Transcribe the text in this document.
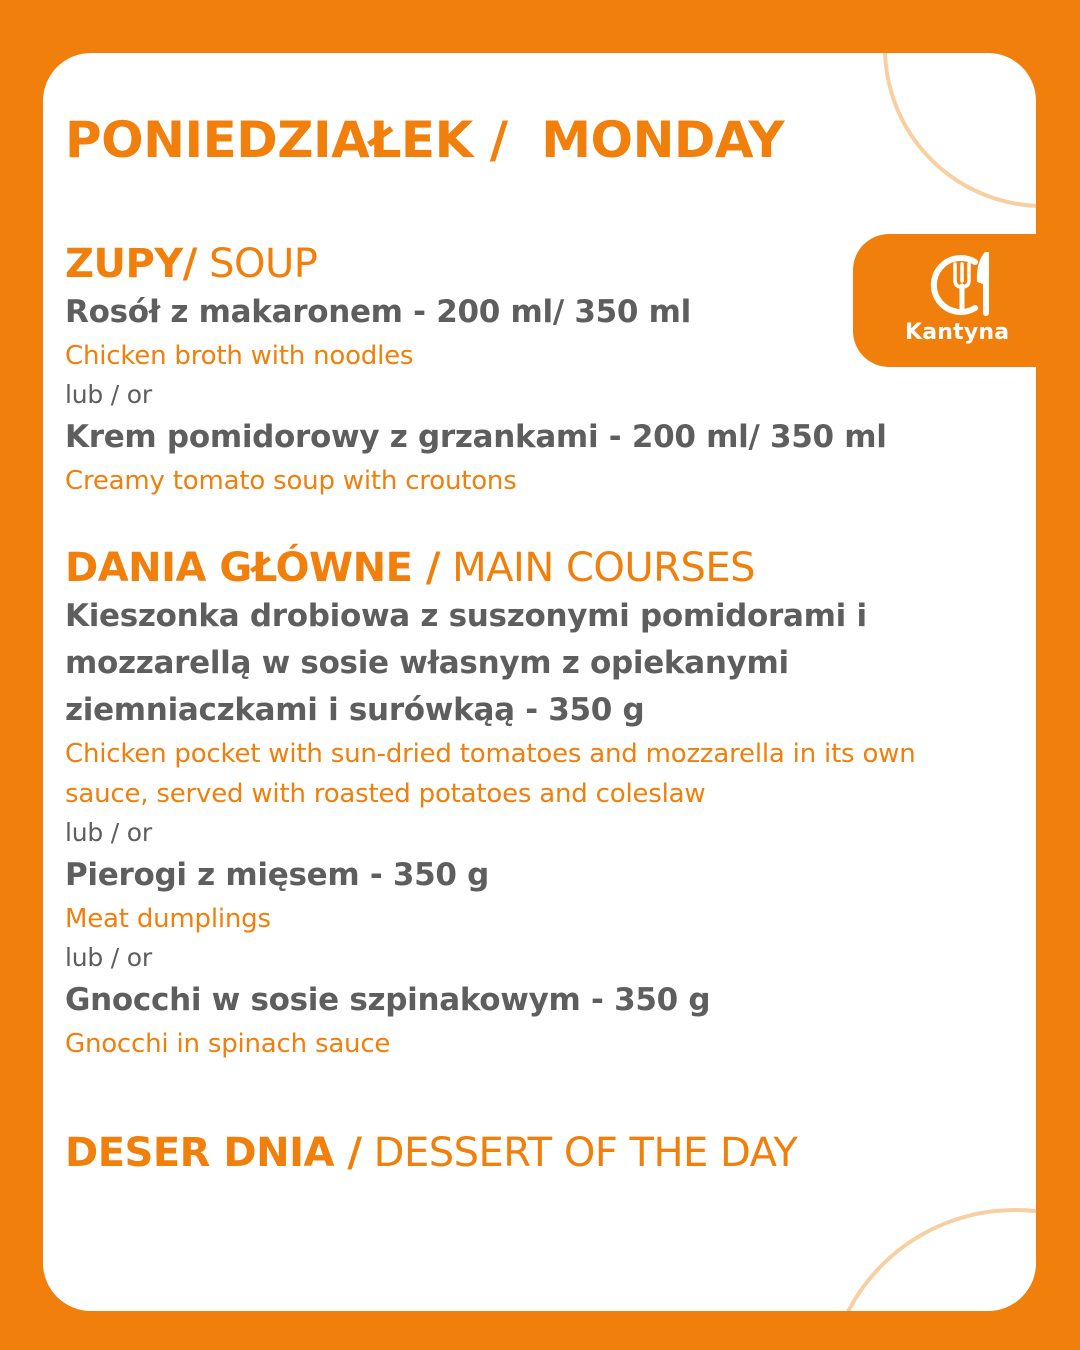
Kantyna
PONIEDZIAŁEK /  MONDAY
ZUPY/ SOUP

Rosół z makaronem - 200 ml/ 350 ml

Chicken broth with noodles

lub / or

Krem pomidorowy z grzankami - 200 ml/ 350 ml

Creamy tomato soup with croutons

DANIA GŁÓWNE / MAIN COURSES

Kieszonka drobiowa z suszonymi pomidorami i mozzarellą w sosie własnym z opiekanymi ziemniaczkami i surówkąą - 350 g

Chicken pocket with sun-dried tomatoes and mozzarella in its own sauce, served with roasted potatoes and coleslaw

lub / or

Pierogi z mięsem - 350 g

Meat dumplings

lub / or

Gnocchi w sosie szpinakowym - 350 g

Gnocchi in spinach sauce

DESER DNIA / DESSERT OF THE DAY
